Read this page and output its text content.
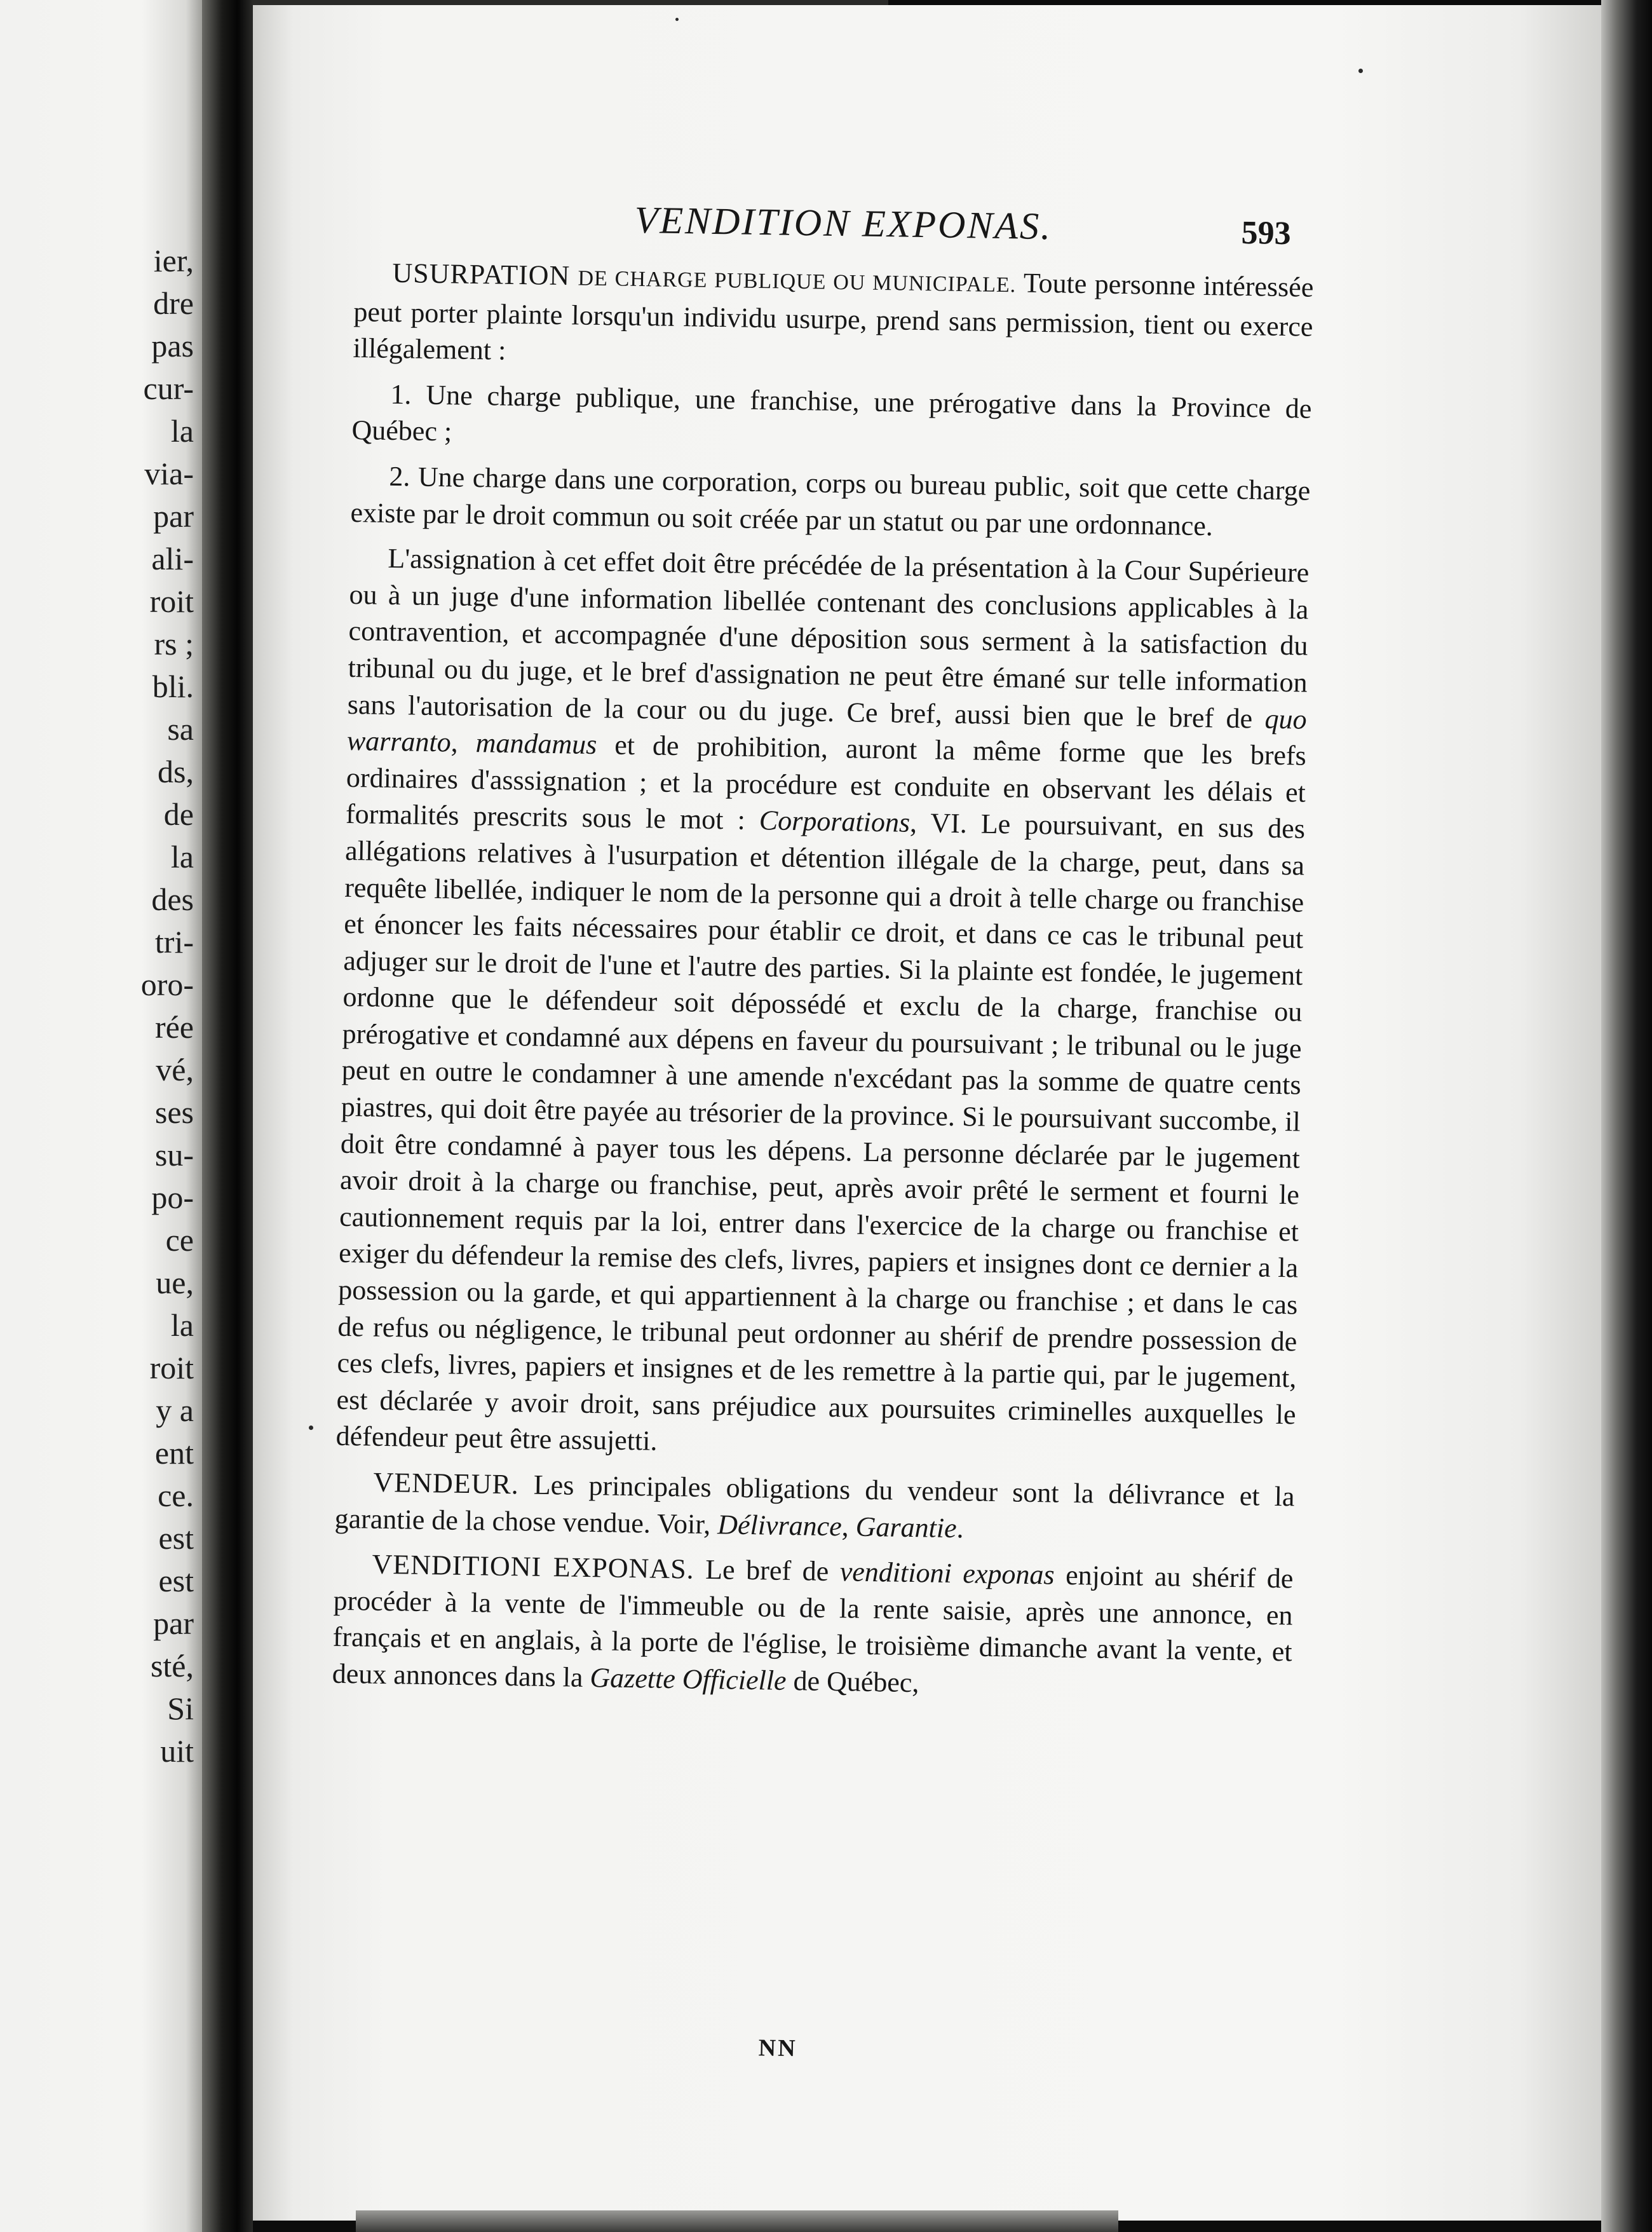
ier,
dre
pas
cur-
la
via-
par
ali-
roit
rs ;
bli.
sa
ds,
de
la
des
tri-
oro-
rée
vé,
ses
su-
po-
ce
ue,
la
roit
y a
ent
ce.
est
est
par
sté,
Si
uit
VENDITION EXPONAS.	593

USURPATION DE CHARGE PUBLIQUE OU MUNICIPALE. Toute personne intéressée peut porter plainte lorsqu'un individu usurpe, prend sans permission, tient ou exerce illégalement :

1. Une charge publique, une franchise, une prérogative dans la Province de Québec ;

2. Une charge dans une corporation, corps ou bureau public, soit que cette charge existe par le droit commun ou soit créée par un statut ou par une ordonnance.

L'assignation à cet effet doit être précédée de la présentation à la Cour Supérieure ou à un juge d'une information libellée contenant des conclusions applicables à la contravention, et accompagnée d'une déposition sous serment à la satisfaction du tribunal ou du juge, et le bref d'assignation ne peut être émané sur telle information sans l'autorisation de la cour ou du juge. Ce bref, aussi bien que le bref de quo warranto, mandamus et de prohibition, auront la même forme que les brefs ordinaires d'asssignation ; et la procédure est conduite en observant les délais et formalités prescrits sous le mot : Corporations, VI. Le poursuivant, en sus des allégations relatives à l'usurpation et détention illégale de la charge, peut, dans sa requête libellée, indiquer le nom de la personne qui a droit à telle charge ou franchise et énoncer les faits nécessaires pour établir ce droit, et dans ce cas le tribunal peut adjuger sur le droit de l'une et l'autre des parties. Si la plainte est fondée, le jugement ordonne que le défendeur soit dépossédé et exclu de la charge, franchise ou prérogative et condamné aux dépens en faveur du poursuivant ; le tribunal ou le juge peut en outre le condamner à une amende n'excédant pas la somme de quatre cents piastres, qui doit être payée au trésorier de la province. Si le poursuivant succombe, il doit être condamné à payer tous les dépens. La personne déclarée par le jugement avoir droit à la charge ou franchise, peut, après avoir prêté le serment et fourni le cautionnement requis par la loi, entrer dans l'exercice de la charge ou franchise et exiger du défendeur la remise des clefs, livres, papiers et insignes dont ce dernier a la possession ou la garde, et qui appartiennent à la charge ou franchise ; et dans le cas de refus ou négligence, le tribunal peut ordonner au shérif de prendre possession de ces clefs, livres, papiers et insignes et de les remettre à la partie qui, par le jugement, est déclarée y avoir droit, sans préjudice aux poursuites criminelles auxquelles le défendeur peut être assujetti.

VENDEUR. Les principales obligations du vendeur sont la délivrance et la garantie de la chose vendue. Voir, Délivrance, Garantie.

VENDITIONI EXPONAS. Le bref de venditioni exponas enjoint au shérif de procéder à la vente de l'immeuble ou de la rente saisie, après une annonce, en français et en anglais, à la porte de l'église, le troisième dimanche avant la vente, et deux annonces dans la Gazette Officielle de Québec,

NN
